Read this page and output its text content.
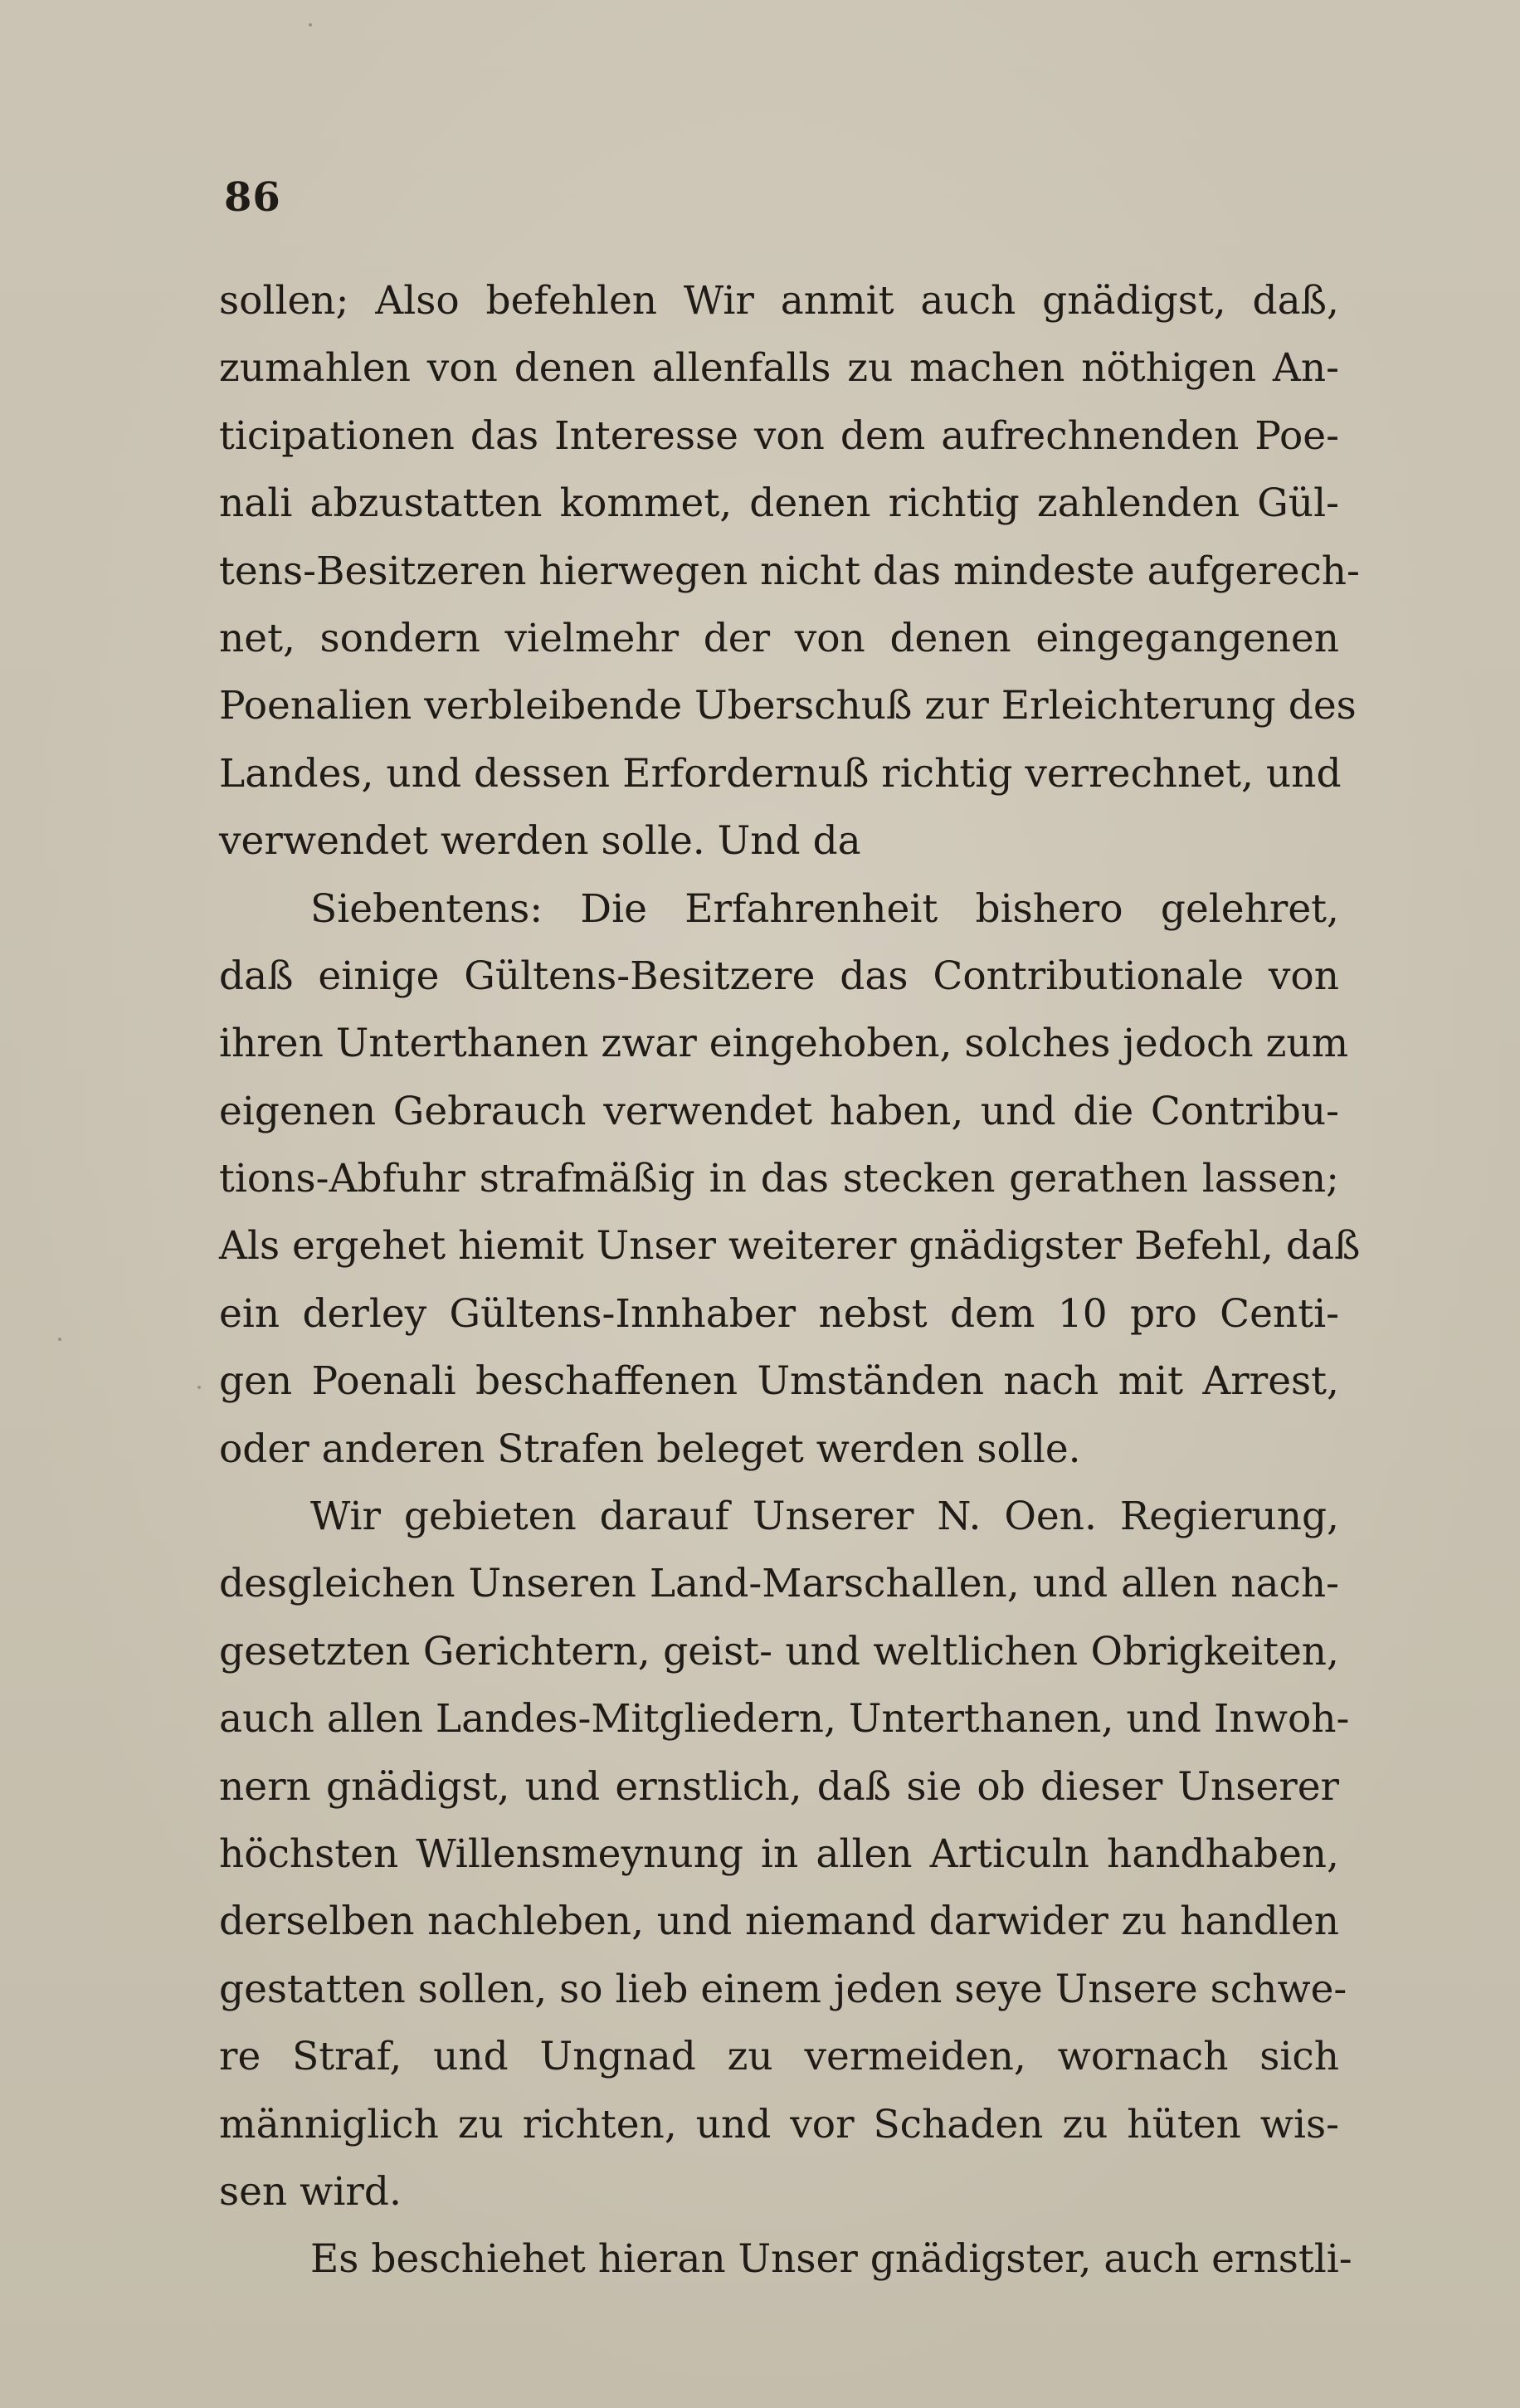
86
sollen; Also befehlen Wir anmit auch gnädigst, daß,
zumahlen von denen allenfalls zu machen nöthigen An-
ticipationen das Interesse von dem aufrechnenden Poe-
nali abzustatten kommet, denen richtig zahlenden Gül-
tens-Besitzeren hierwegen nicht das mindeste aufgerech-
net, sondern vielmehr der von denen eingegangenen
Poenalien verbleibende Uberschuß zur Erleichterung des
Landes, und dessen Erfordernuß richtig verrechnet, und
verwendet werden solle. Und da
Siebentens: Die Erfahrenheit bishero gelehret,
daß einige Gültens-Besitzere das Contributionale von
ihren Unterthanen zwar eingehoben, solches jedoch zum
eigenen Gebrauch verwendet haben, und die Contribu-
tions-Abfuhr strafmäßig in das stecken gerathen lassen;
Als ergehet hiemit Unser weiterer gnädigster Befehl, daß
ein derley Gültens-Innhaber nebst dem 10 pro Centi-
gen Poenali beschaffenen Umständen nach mit Arrest,
oder anderen Strafen beleget werden solle.
Wir gebieten darauf Unserer N. Oen. Regierung,
desgleichen Unseren Land-Marschallen, und allen nach-
gesetzten Gerichtern, geist- und weltlichen Obrigkeiten,
auch allen Landes-Mitgliedern, Unterthanen, und Inwoh-
nern gnädigst, und ernstlich, daß sie ob dieser Unserer
höchsten Willensmeynung in allen Articuln handhaben,
derselben nachleben, und niemand darwider zu handlen
gestatten sollen, so lieb einem jeden seye Unsere schwe-
re Straf, und Ungnad zu vermeiden, wornach sich
männiglich zu richten, und vor Schaden zu hüten wis-
sen wird.
Es beschiehet hieran Unser gnädigster, auch ernstli-
